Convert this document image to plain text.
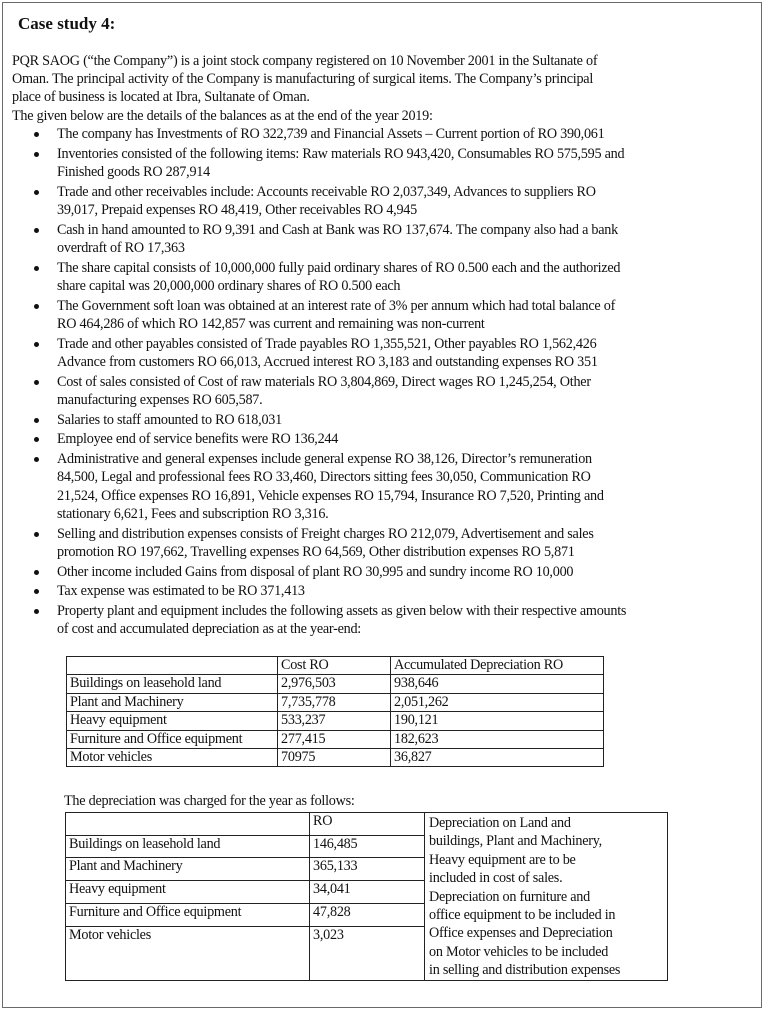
Case study 4:

PQR SAOG (“the Company”) is a joint stock company registered on 10 November 2001 in the Sultanate of
Oman. The principal activity of the Company is manufacturing of surgical items. The Company’s principal
place of business is located at Ibra, Sultanate of Oman.

The given below are the details of the balances as at the end of the year 2019:

The company has Investments of RO 322,739 and Financial Assets – Current portion of RO 390,061
Inventories consisted of the following items: Raw materials RO 943,420, Consumables RO 575,595 and
Finished goods RO 287,914
Trade and other receivables include: Accounts receivable RO 2,037,349, Advances to suppliers RO
39,017, Prepaid expenses RO 48,419, Other receivables RO 4,945
Cash in hand amounted to RO 9,391 and Cash at Bank was RO 137,674. The company also had a bank
overdraft of RO 17,363
The share capital consists of 10,000,000 fully paid ordinary shares of RO 0.500 each and the authorized
share capital was 20,000,000 ordinary shares of RO 0.500 each
The Government soft loan was obtained at an interest rate of 3% per annum which had total balance of
RO 464,286 of which RO 142,857 was current and remaining was non-current
Trade and other payables consisted of Trade payables RO 1,355,521, Other payables RO 1,562,426
Advance from customers RO 66,013, Accrued interest RO 3,183 and outstanding expenses RO 351
Cost of sales consisted of Cost of raw materials RO 3,804,869, Direct wages RO 1,245,254, Other
manufacturing expenses RO 605,587.
Salaries to staff amounted to RO 618,031
Employee end of service benefits were RO 136,244
Administrative and general expenses include general expense RO 38,126, Director’s remuneration
84,500, Legal and professional fees RO 33,460, Directors sitting fees 30,050, Communication RO
21,524, Office expenses RO 16,891, Vehicle expenses RO 15,794, Insurance RO 7,520, Printing and
stationary 6,621, Fees and subscription RO 3,316.
Selling and distribution expenses consists of Freight charges RO 212,079, Advertisement and sales
promotion RO 197,662, Travelling expenses RO 64,569, Other distribution expenses RO 5,871
Other income included Gains from disposal of plant RO 30,995 and sundry income RO 10,000
Tax expense was estimated to be RO 371,413
Property plant and equipment includes the following assets as given below with their respective amounts
of cost and accumulated depreciation as at the year-end:
	Cost RO	Accumulated Depreciation RO
Buildings on leasehold land	2,976,503	938,646
Plant and Machinery	7,735,778	2,051,262
Heavy equipment	533,237	190,121
Furniture and Office equipment	277,415	182,623
Motor vehicles	70975	36,827
The depreciation was charged for the year as follows:
	RO	Depreciation on Land and
buildings, Plant and Machinery,
Heavy equipment are to be
included in cost of sales.
Depreciation on furniture and
office equipment to be included in
Office expenses and Depreciation
on Motor vehicles to be included
in selling and distribution expenses

Buildings on leasehold land	146,485	
Plant and Machinery	365,133	
Heavy equipment	34,041	
Furniture and Office equipment	47,828	
Motor vehicles	3,023	
